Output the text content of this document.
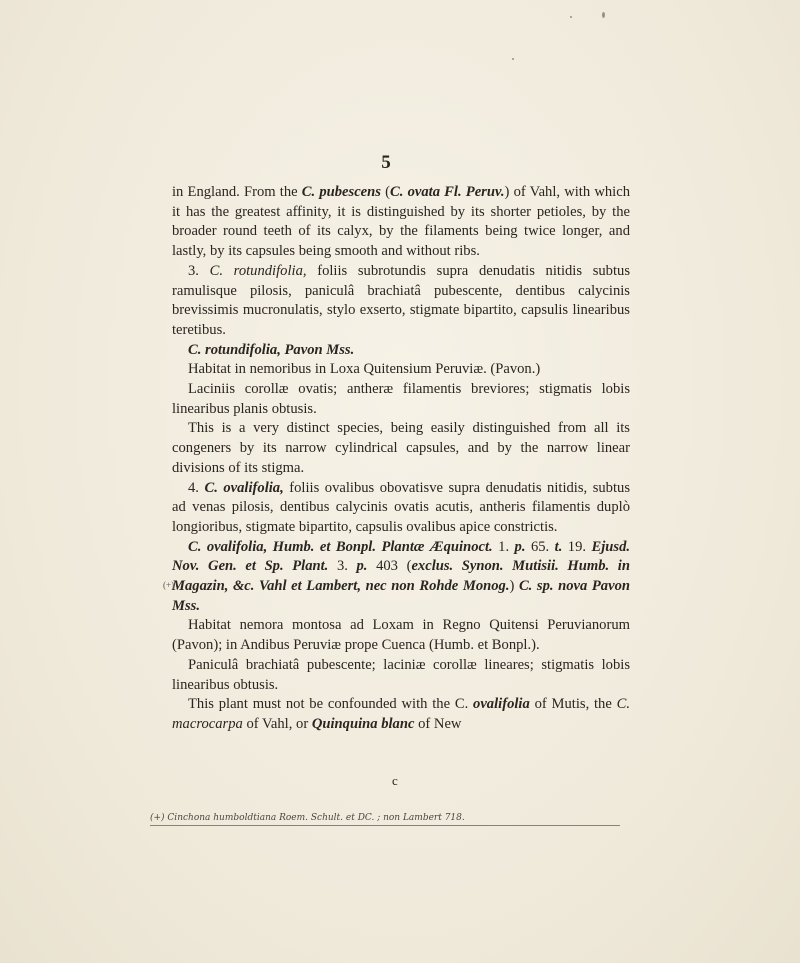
5

in England. From the C. pubescens (C. ovata Fl. Peruv.) of Vahl, with which it has the greatest affinity, it is distinguished by its shorter petioles, by the broader round teeth of its calyx, by the filaments being twice longer, and lastly, by its capsules being smooth and without ribs.

3. C. rotundifolia, foliis subrotundis supra denudatis nitidis subtus ramulisque pilosis, paniculâ brachiatâ pubescente, dentibus calycinis brevissimis mucronulatis, stylo exserto, stigmate bipartito, capsulis linearibus teretibus.

C. rotundifolia, Pavon Mss.

Habitat in nemoribus in Loxa Quitensium Peruviæ. (Pavon.)

Laciniis corollæ ovatis; antheræ filamentis breviores; stigmatis lobis linearibus planis obtusis.

This is a very distinct species, being easily distinguished from all its congeners by its narrow cylindrical capsules, and by the narrow linear divisions of its stigma.

4. C. ovalifolia, foliis ovalibus obovatisve supra denudatis nitidis, subtus ad venas pilosis, dentibus calycinis ovatis acutis, antheris filamentis duplò longioribus, stigmate bipartito, capsulis ovalibus apice constrictis.

C. ovalifolia, Humb. et Bonpl. Plantæ Æquinoct. 1. p. 65. t. 19. Ejusd. Nov. Gen. et Sp. Plant. 3. p. 403 (exclus. Synon. Mutisii. Humb. in Magazin, &c. Vahl et Lambert, nec non Rohde Monog.) C. sp. nova Pavon Mss.

Habitat nemora montosa ad Loxam in Regno Quitensi Peruvianorum (Pavon); in Andibus Peruviæ prope Cuenca (Humb. et Bonpl.).

Paniculâ brachiatâ pubescente; laciniæ corollæ lineares; stigmatis lobis linearibus obtusis.

This plant must not be confounded with the C. ovalifolia of Mutis, the C. macrocarpa of Vahl, or Quinquina blanc of New

(+)
c
(+) Cinchona humboldtiana Roem. Schult. et DC. ; non Lambert 718.
